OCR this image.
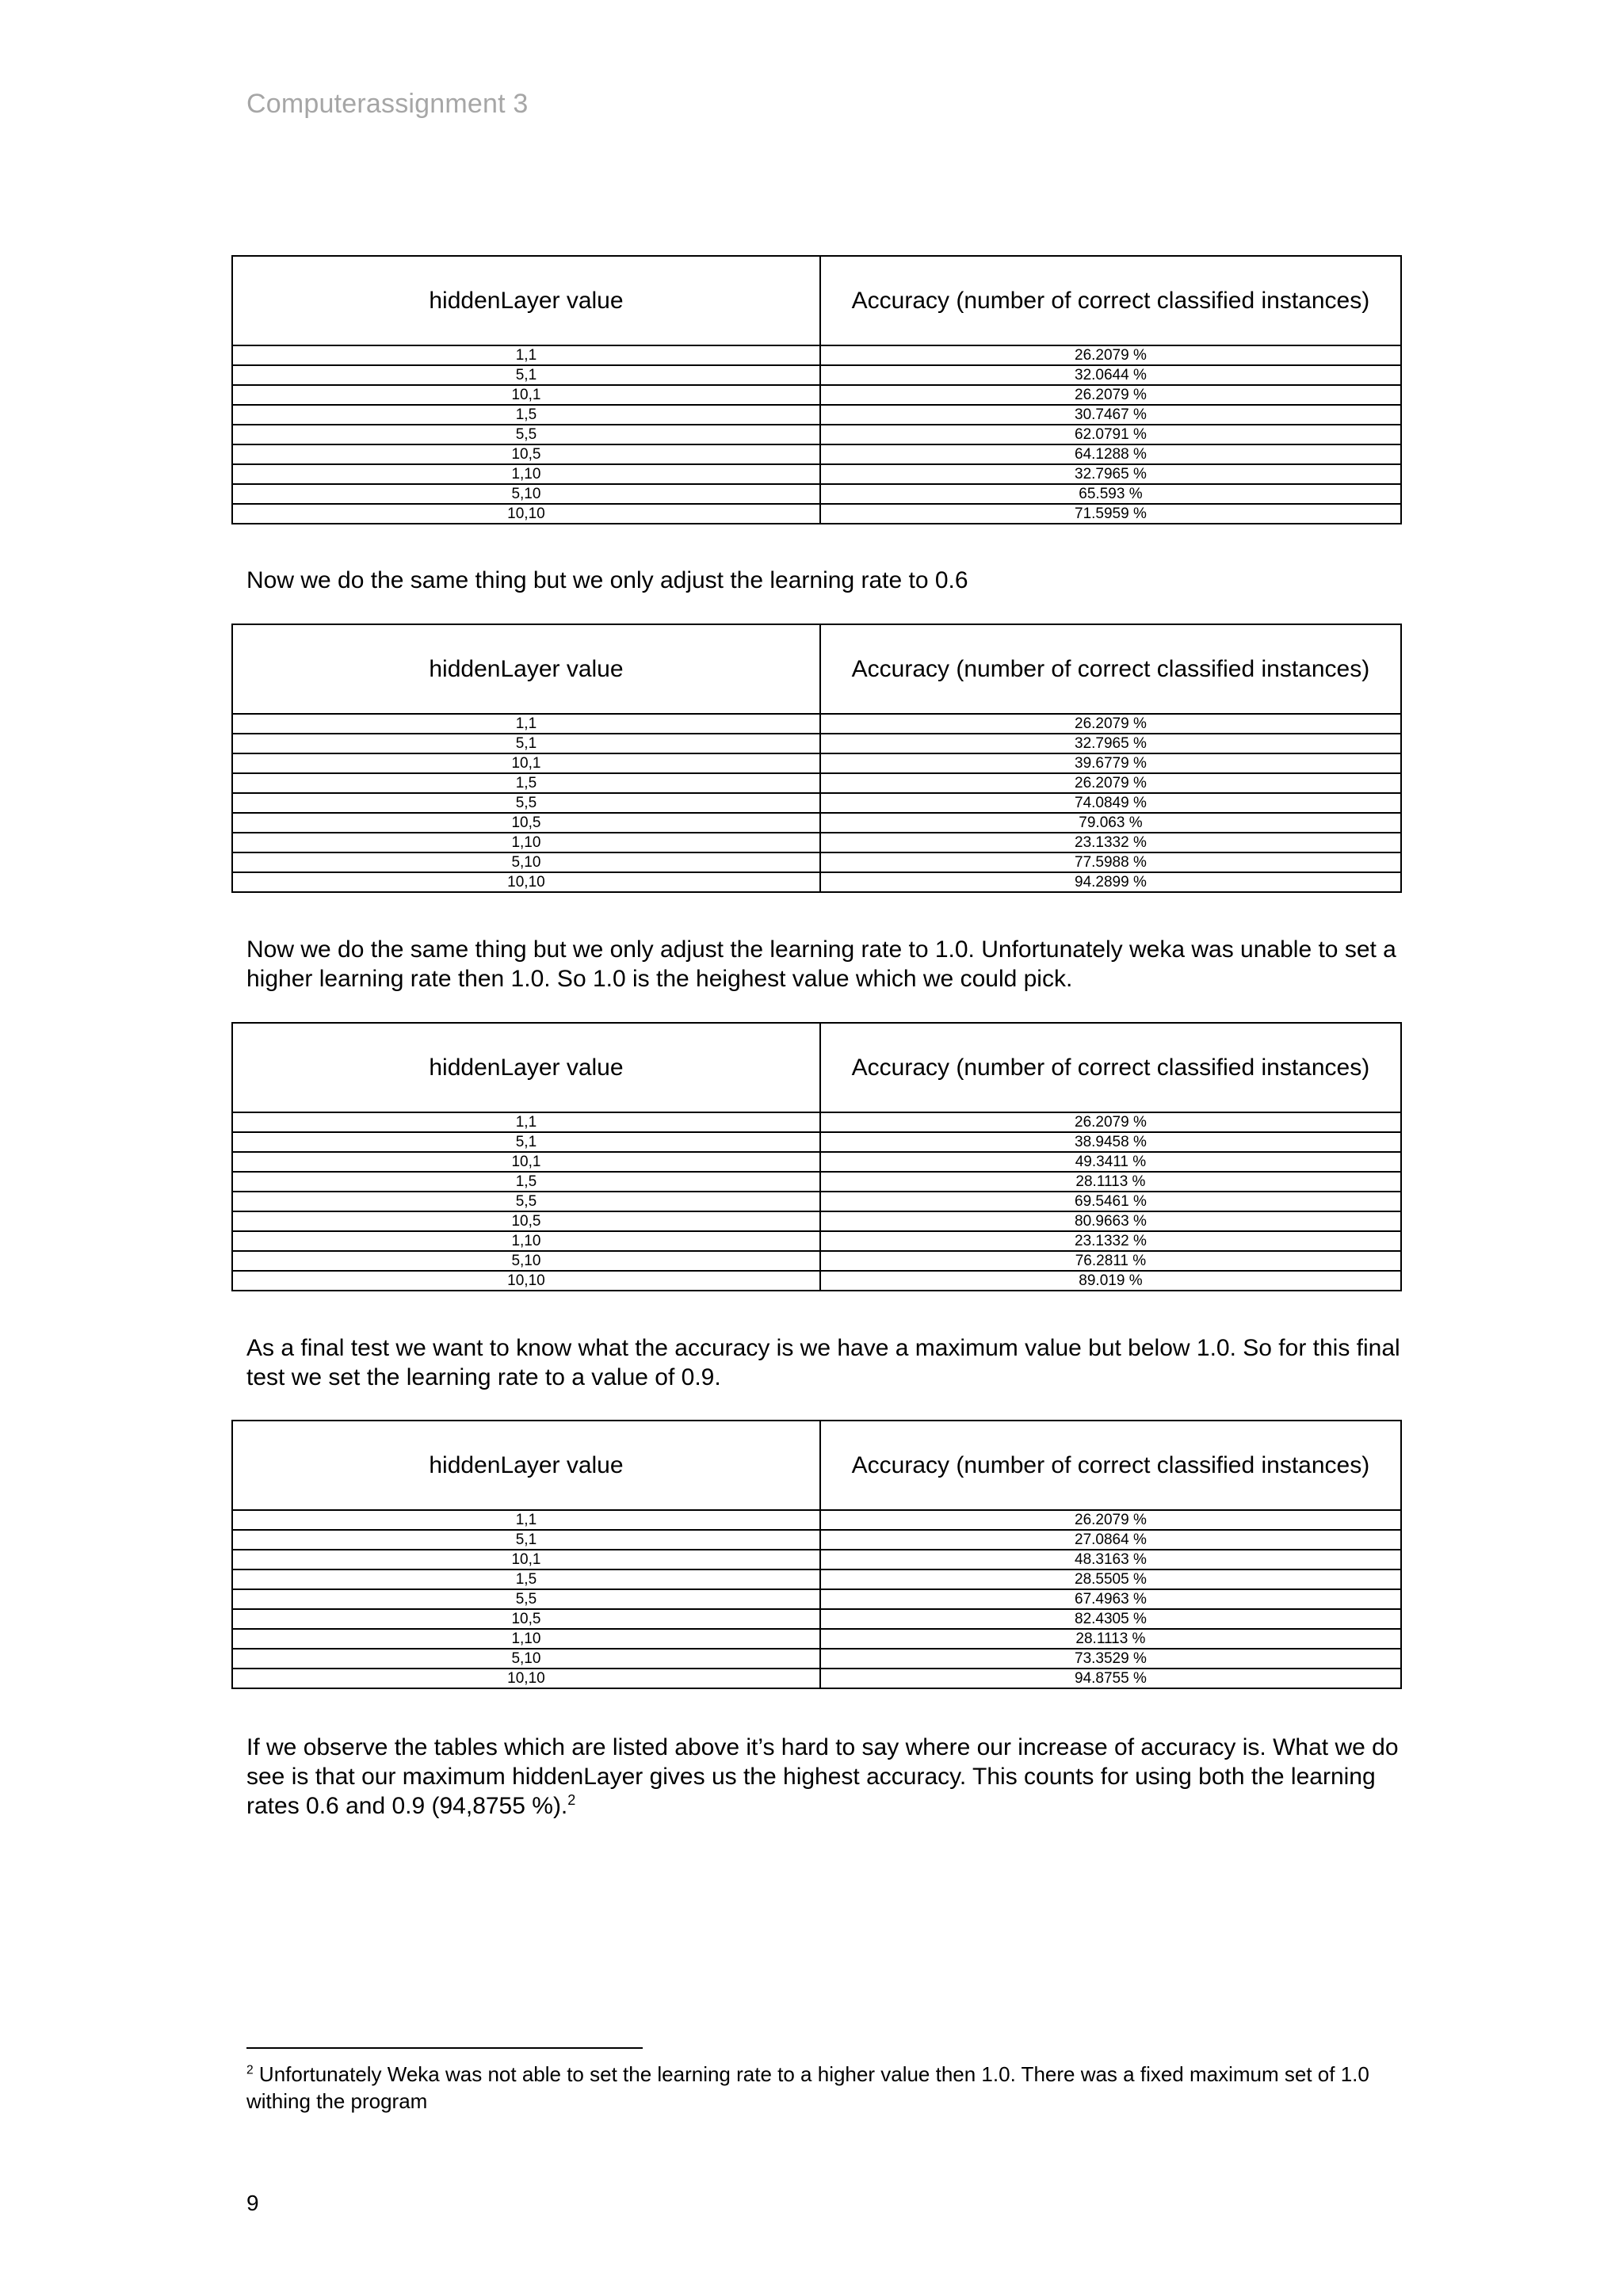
Computerassignment 3
hiddenLayer value	Accuracy (number of correct classified instances)
1,1	26.2079 %
5,1	32.0644 %
10,1	26.2079 %
1,5	30.7467 %
5,5	62.0791 %
10,5	64.1288 %
1,10	32.7965 %
5,10	65.593 %
10,10	71.5959 %

Now we do the same thing but we only adjust the learning rate to 0.6

hiddenLayer value	Accuracy (number of correct classified instances)
1,1	26.2079 %
5,1	32.7965 %
10,1	39.6779 %
1,5	26.2079 %
5,5	74.0849 %
10,5	79.063 %
1,10	23.1332 %
5,10	77.5988 %
10,10	94.2899 %

Now we do the same thing but we only adjust the learning rate to 1.0. Unfortunately weka was unable to set a higher learning rate then 1.0. So 1.0 is the heighest value which we could pick.

hiddenLayer value	Accuracy (number of correct classified instances)
1,1	26.2079 %
5,1	38.9458 %
10,1	49.3411 %
1,5	28.1113 %
5,5	69.5461 %
10,5	80.9663 %
1,10	23.1332 %
5,10	76.2811 %
10,10	89.019 %

As a final test we want to know what the accuracy is we have a maximum value but below 1.0. So for this final test we set the learning rate to a value of 0.9.

hiddenLayer value	Accuracy (number of correct classified instances)
1,1	26.2079 %
5,1	27.0864 %
10,1	48.3163 %
1,5	28.5505 %
5,5	67.4963 %
10,5	82.4305 %
1,10	28.1113 %
5,10	73.3529 %
10,10	94.8755 %

If we observe the tables which are listed above it’s hard to say where our increase of accuracy is. What we do see is that our maximum hiddenLayer gives us the highest accuracy. This counts for using both the learning rates 0.6 and 0.9 (94,8755 %).$^2$

$^2$ Unfortunately Weka was not able to set the learning rate to a higher value then 1.0. There was a fixed maximum set of 1.0 withing the program
9
